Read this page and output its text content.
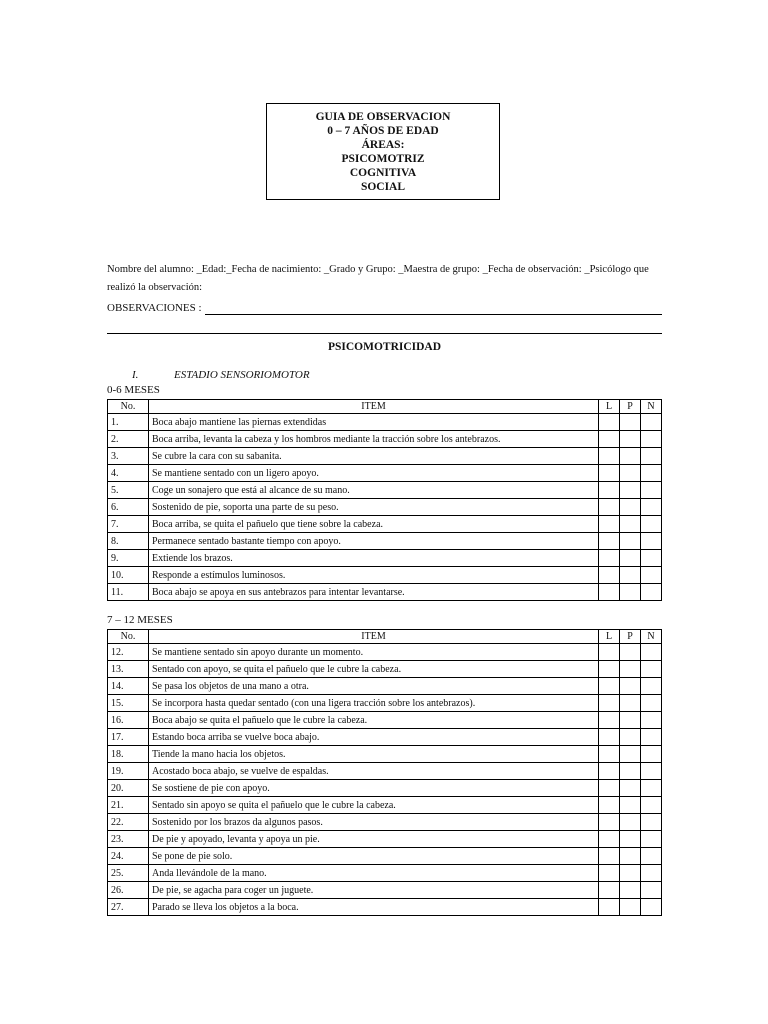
GUIA DE OBSERVACION
0 – 7 AÑOS DE EDAD
ÁREAS:
PSICOMOTRIZ
COGNITIVA
SOCIAL
Nombre del alumno: _Edad:_Fecha de nacimiento: _Grado y Grupo: _Maestra de grupo: _Fecha de observación: _Psicólogo que realizó la observación:
OBSERVACIONES :
PSICOMOTRICIDAD
I.	ESTADIO SENSORIOMOTOR
0-6 MESES
No.	ITEM	L	P	N
1.	Boca abajo mantiene las piernas extendidas			
2.	Boca arriba, levanta la cabeza y los hombros mediante la tracción sobre los antebrazos.			
3.	Se cubre la cara con su sabanita.			
4.	Se mantiene sentado con un ligero apoyo.			
5.	Coge un sonajero que está al alcance de su mano.			
6.	Sostenido de pie, soporta una parte de su peso.			
7.	Boca arriba, se quita el pañuelo que tiene sobre la cabeza.			
8.	Permanece sentado bastante tiempo con apoyo.			
9.	Extiende los brazos.			
10.	Responde a estímulos luminosos.			
11.	Boca abajo se apoya en sus antebrazos para intentar levantarse.			
7 – 12 MESES
No.	ITEM	L	P	N
12.	Se mantiene sentado sin apoyo durante un momento.			
13.	Sentado con apoyo, se quita el pañuelo que le cubre la cabeza.			
14.	Se pasa los objetos de una mano a otra.			
15.	Se incorpora hasta quedar sentado (con una ligera tracción sobre los antebrazos).			
16.	Boca abajo se quita el pañuelo que le cubre la cabeza.			
17.	Estando boca arriba se vuelve boca abajo.			
18.	Tiende la mano hacia los objetos.			
19.	Acostado boca abajo, se vuelve de espaldas.			
20.	Se sostiene de pie con apoyo.			
21.	Sentado sin apoyo se quita el pañuelo que le cubre la cabeza.			
22.	Sostenido por los brazos da algunos pasos.			
23.	De pie y apoyado, levanta y apoya un pie.			
24.	Se pone de pie solo.			
25.	Anda llevándole de la mano.			
26.	De pie, se agacha para coger un juguete.			
27.	Parado se lleva los objetos a la boca.			
